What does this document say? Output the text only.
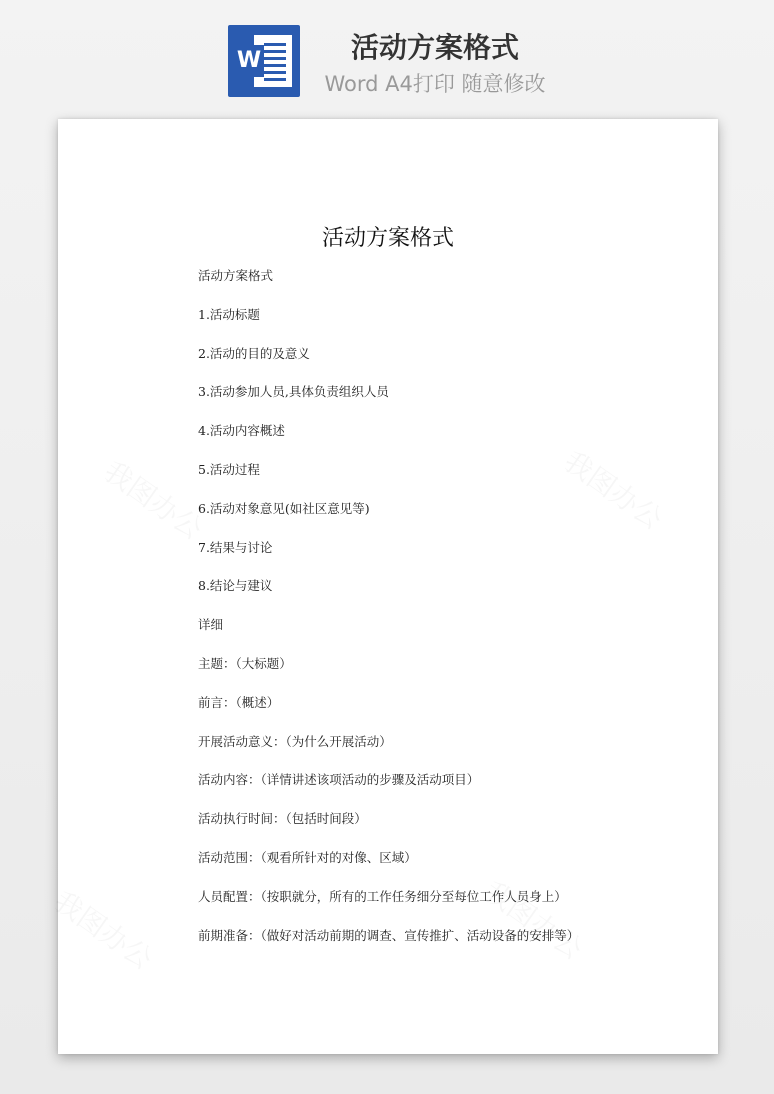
W	活动方案格式
Word A4打印 随意修改
活动方案格式
活动方案格式
1.活动标题
2.活动的目的及意义
3.活动参加人员,具体负责组织人员
4.活动内容概述
5.活动过程
6.活动对象意见(如社区意见等)
7.结果与讨论
8.结论与建议
详细
主题：（大标题）
前言：（概述）
开展活动意义：（为什么开展活动）
活动内容：（详情讲述该项活动的步骤及活动项目）
活动执行时间：（包括时间段）
活动范围：（观看所针对的对像、区域）
人员配置：（按职就分，所有的工作任务细分至每位工作人员身上）
前期准备：（做好对活动前期的调查、宣传推扩、活动设备的安排等）
